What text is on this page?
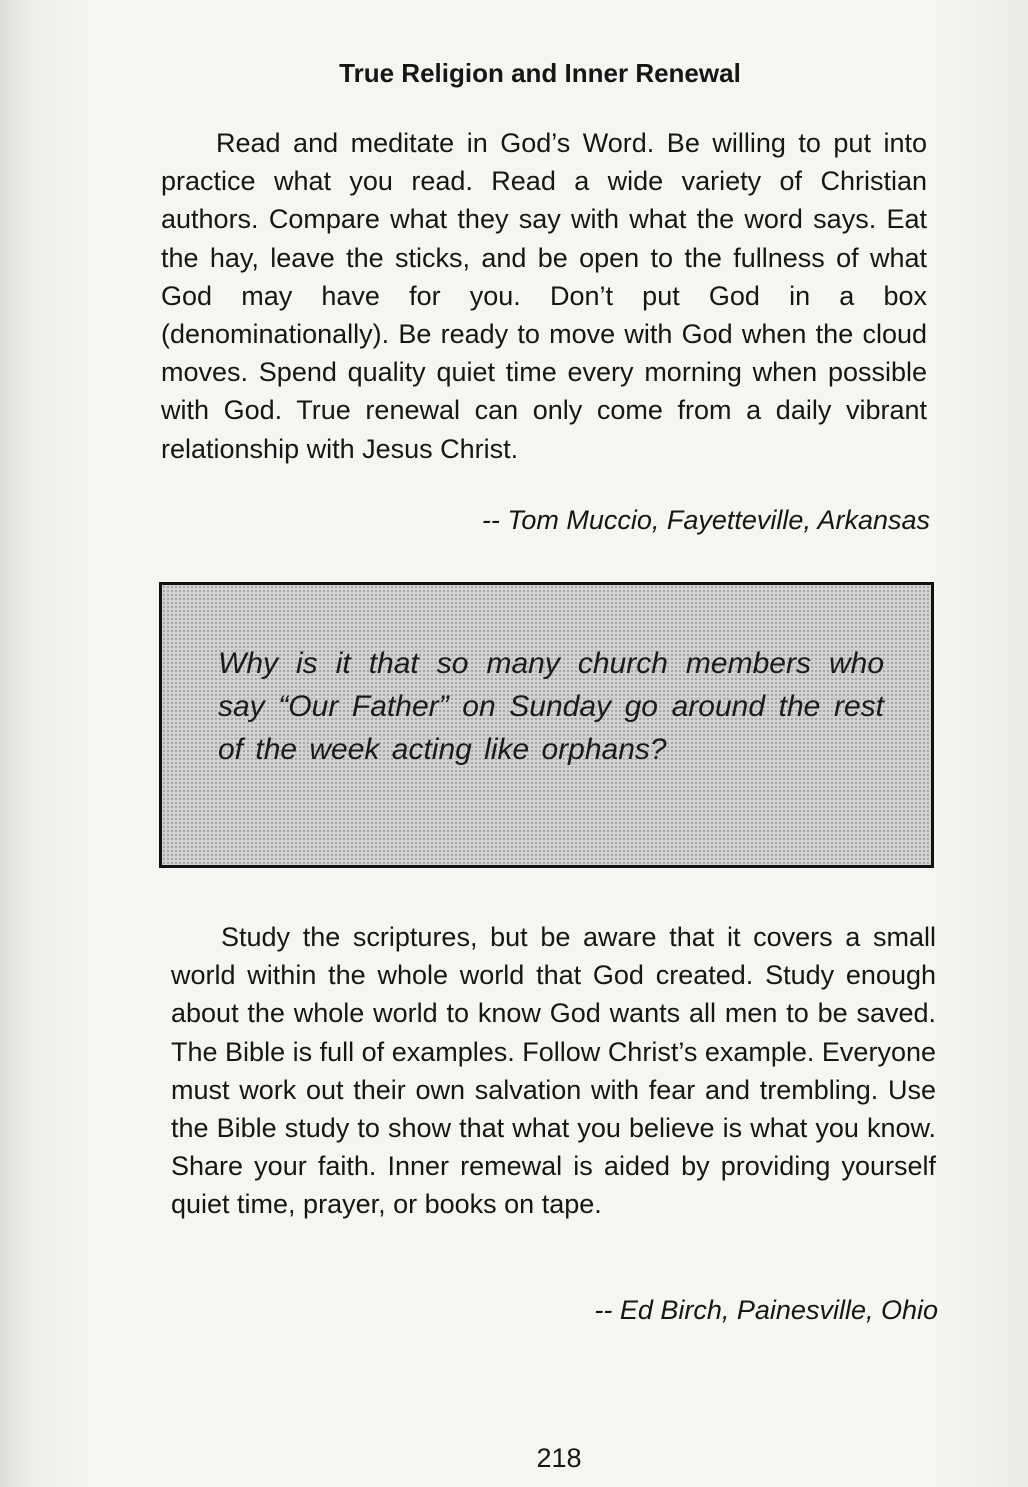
True Religion and Inner Renewal

Read and meditate in God’s Word. Be willing to put into practice what you read. Read a wide variety of Christian authors. Compare what they say with what the word says. Eat the hay, leave the sticks, and be open to the fullness of what God may have for you. Don’t put God in a box (denominationally). Be ready to move with God when the cloud moves. Spend quality quiet time every morning when possible with God. True renewal can only come from a daily vibrant relationship with Jesus Christ.

-- Tom Muccio, Fayetteville, Arkansas

Why is it that so many church members who say “Our Father” on Sunday go around the rest of the week acting like orphans?

Study the scriptures, but be aware that it covers a small world within the whole world that God created. Study enough about the whole world to know God wants all men to be saved. The Bible is full of examples. Follow Christ’s example. Everyone must work out their own salvation with fear and trembling. Use the Bible study to show that what you believe is what you know. Share your faith. Inner remewal is aided by providing yourself quiet time, prayer, or books on tape.

-- Ed Birch, Painesville, Ohio
218
